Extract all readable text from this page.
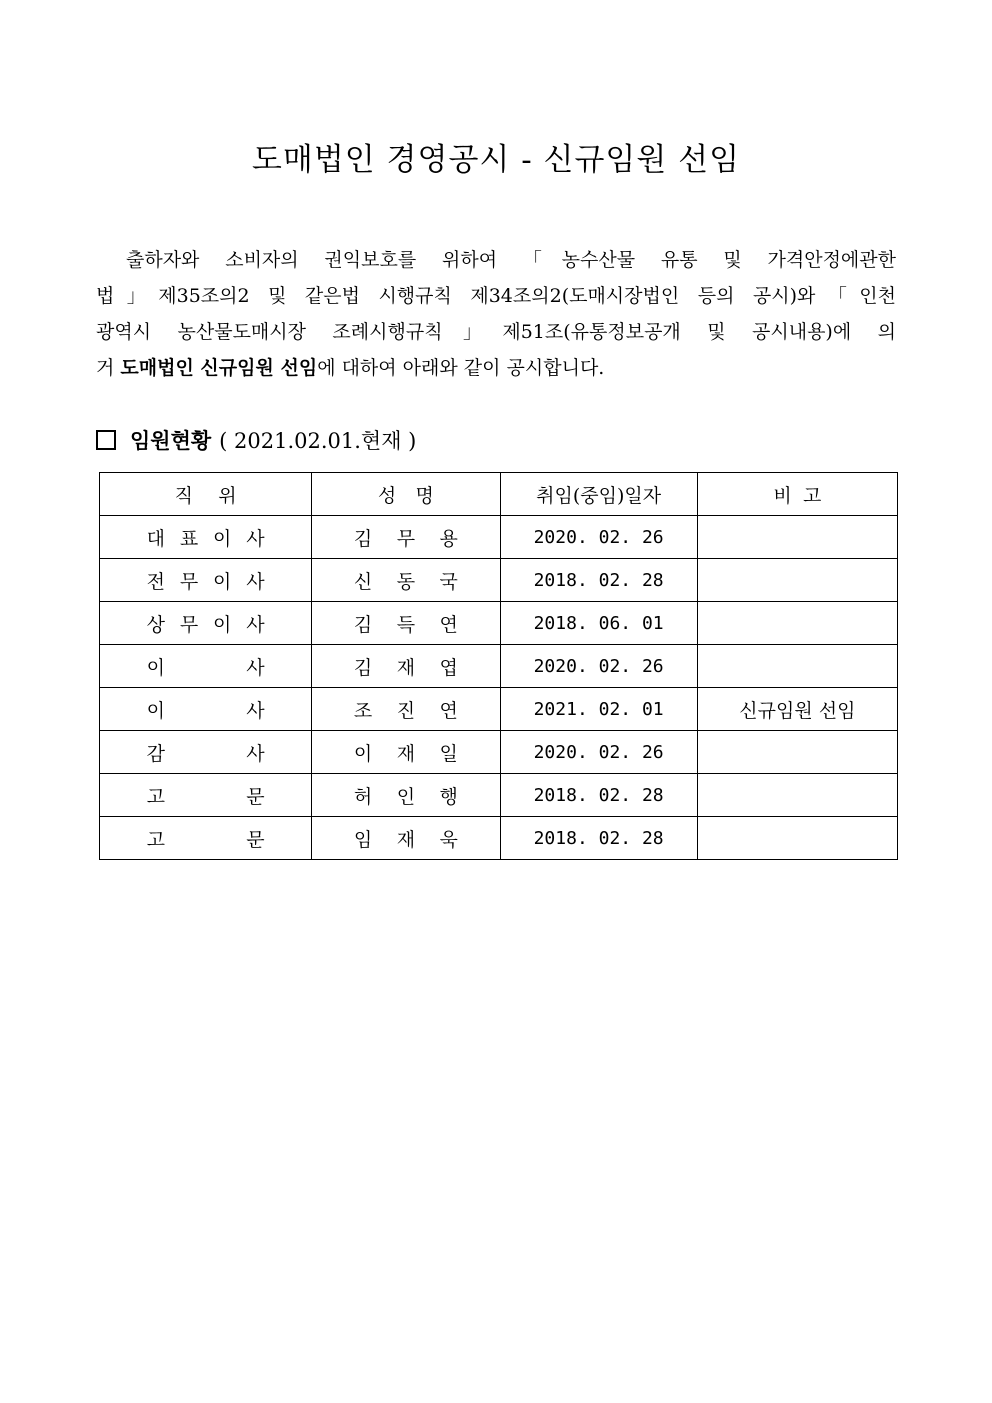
도매법인 경영공시 - 신규임원 선임
출하자와 소비자의 권익보호를 위하여 「농수산물 유통 및 가격안정에관한
법」제35조의2 및 같은법 시행규칙 제34조의2(도매시장법인 등의 공시)와「인천
광역시 농산물도매시장 조례시행규칙」제51조(유통정보공개 및 공시내용)에 의
거 도매법인 신규임원 선임에 대하여 아래와 같이 공시합니다.
임원현황 ( 2021.02.01.현재 )
직 위	성 명	취임(중임)일자	비 고
대 표 이 사	김 무 용	2020. 02. 26	
전 무 이 사	신 동 국	2018. 02. 28	
상 무 이 사	김 득 연	2018. 06. 01	
이 사	김 재 엽	2020. 02. 26	
이 사	조 진 연	2021. 02. 01	신규임원 선임
감 사	이 재 일	2020. 02. 26	
고 문	허 인 행	2018. 02. 28	
고 문	임 재 욱	2018. 02. 28	
